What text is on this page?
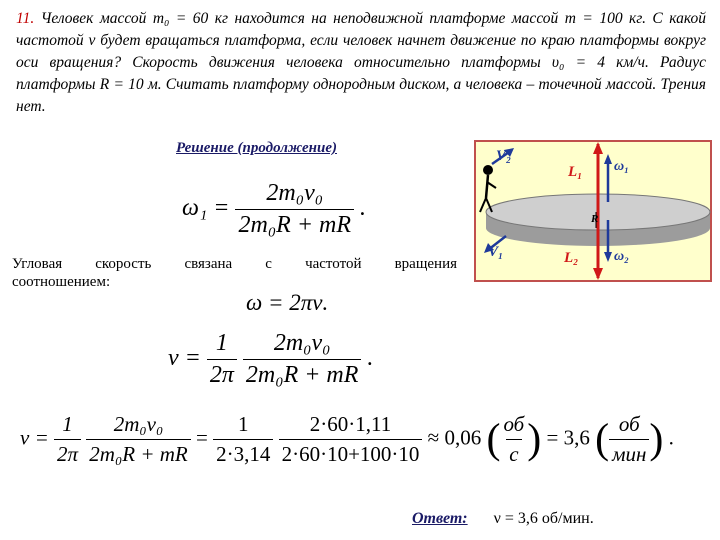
11. Человек массой m₀ = 60 кг находится на неподвижной платформе массой m = 100 кг. С какой частотой ν будет вращаться платформа, если человек начнет движение по краю платформы вокруг оси вращения? Скорость движения человека относительно платформы υ₀ = 4 км/ч. Радиус платформы R = 10 м. Считать платформу однородным диском, а человека – точечной массой. Трения нет.
Решение (продолжение)
$\omega_1 = \frac{\text{2m₀v₀}}{\text{2m₀R + mR}}$ .
V₂
V₁
L₁
L₂
ω₁
ω₂
R
Угловая скорость связана с частотой вращения
соотношением:
ω = 2πν.
$\nu = \frac{1}{2\pi}$
$\frac{\text{2m₀v₀}}{\text{2m₀R + mR}}$ .
$\nu = \frac{1}{2\pi}$
$\frac{\text{2m₀v₀}}{\text{2m₀R + mR}} = \frac{1}{2\cdot 3,14}$
$\frac{2\cdot 60\cdot 1,11}{2\cdot 60\cdot 10+100\cdot 10} \approx 0,06$ ( $\frac{об}{с}$ ) = 3,6 ( $\frac{об}{\text{мин}}$ ) .
Ответ: ν = 3,6 об/мин.
